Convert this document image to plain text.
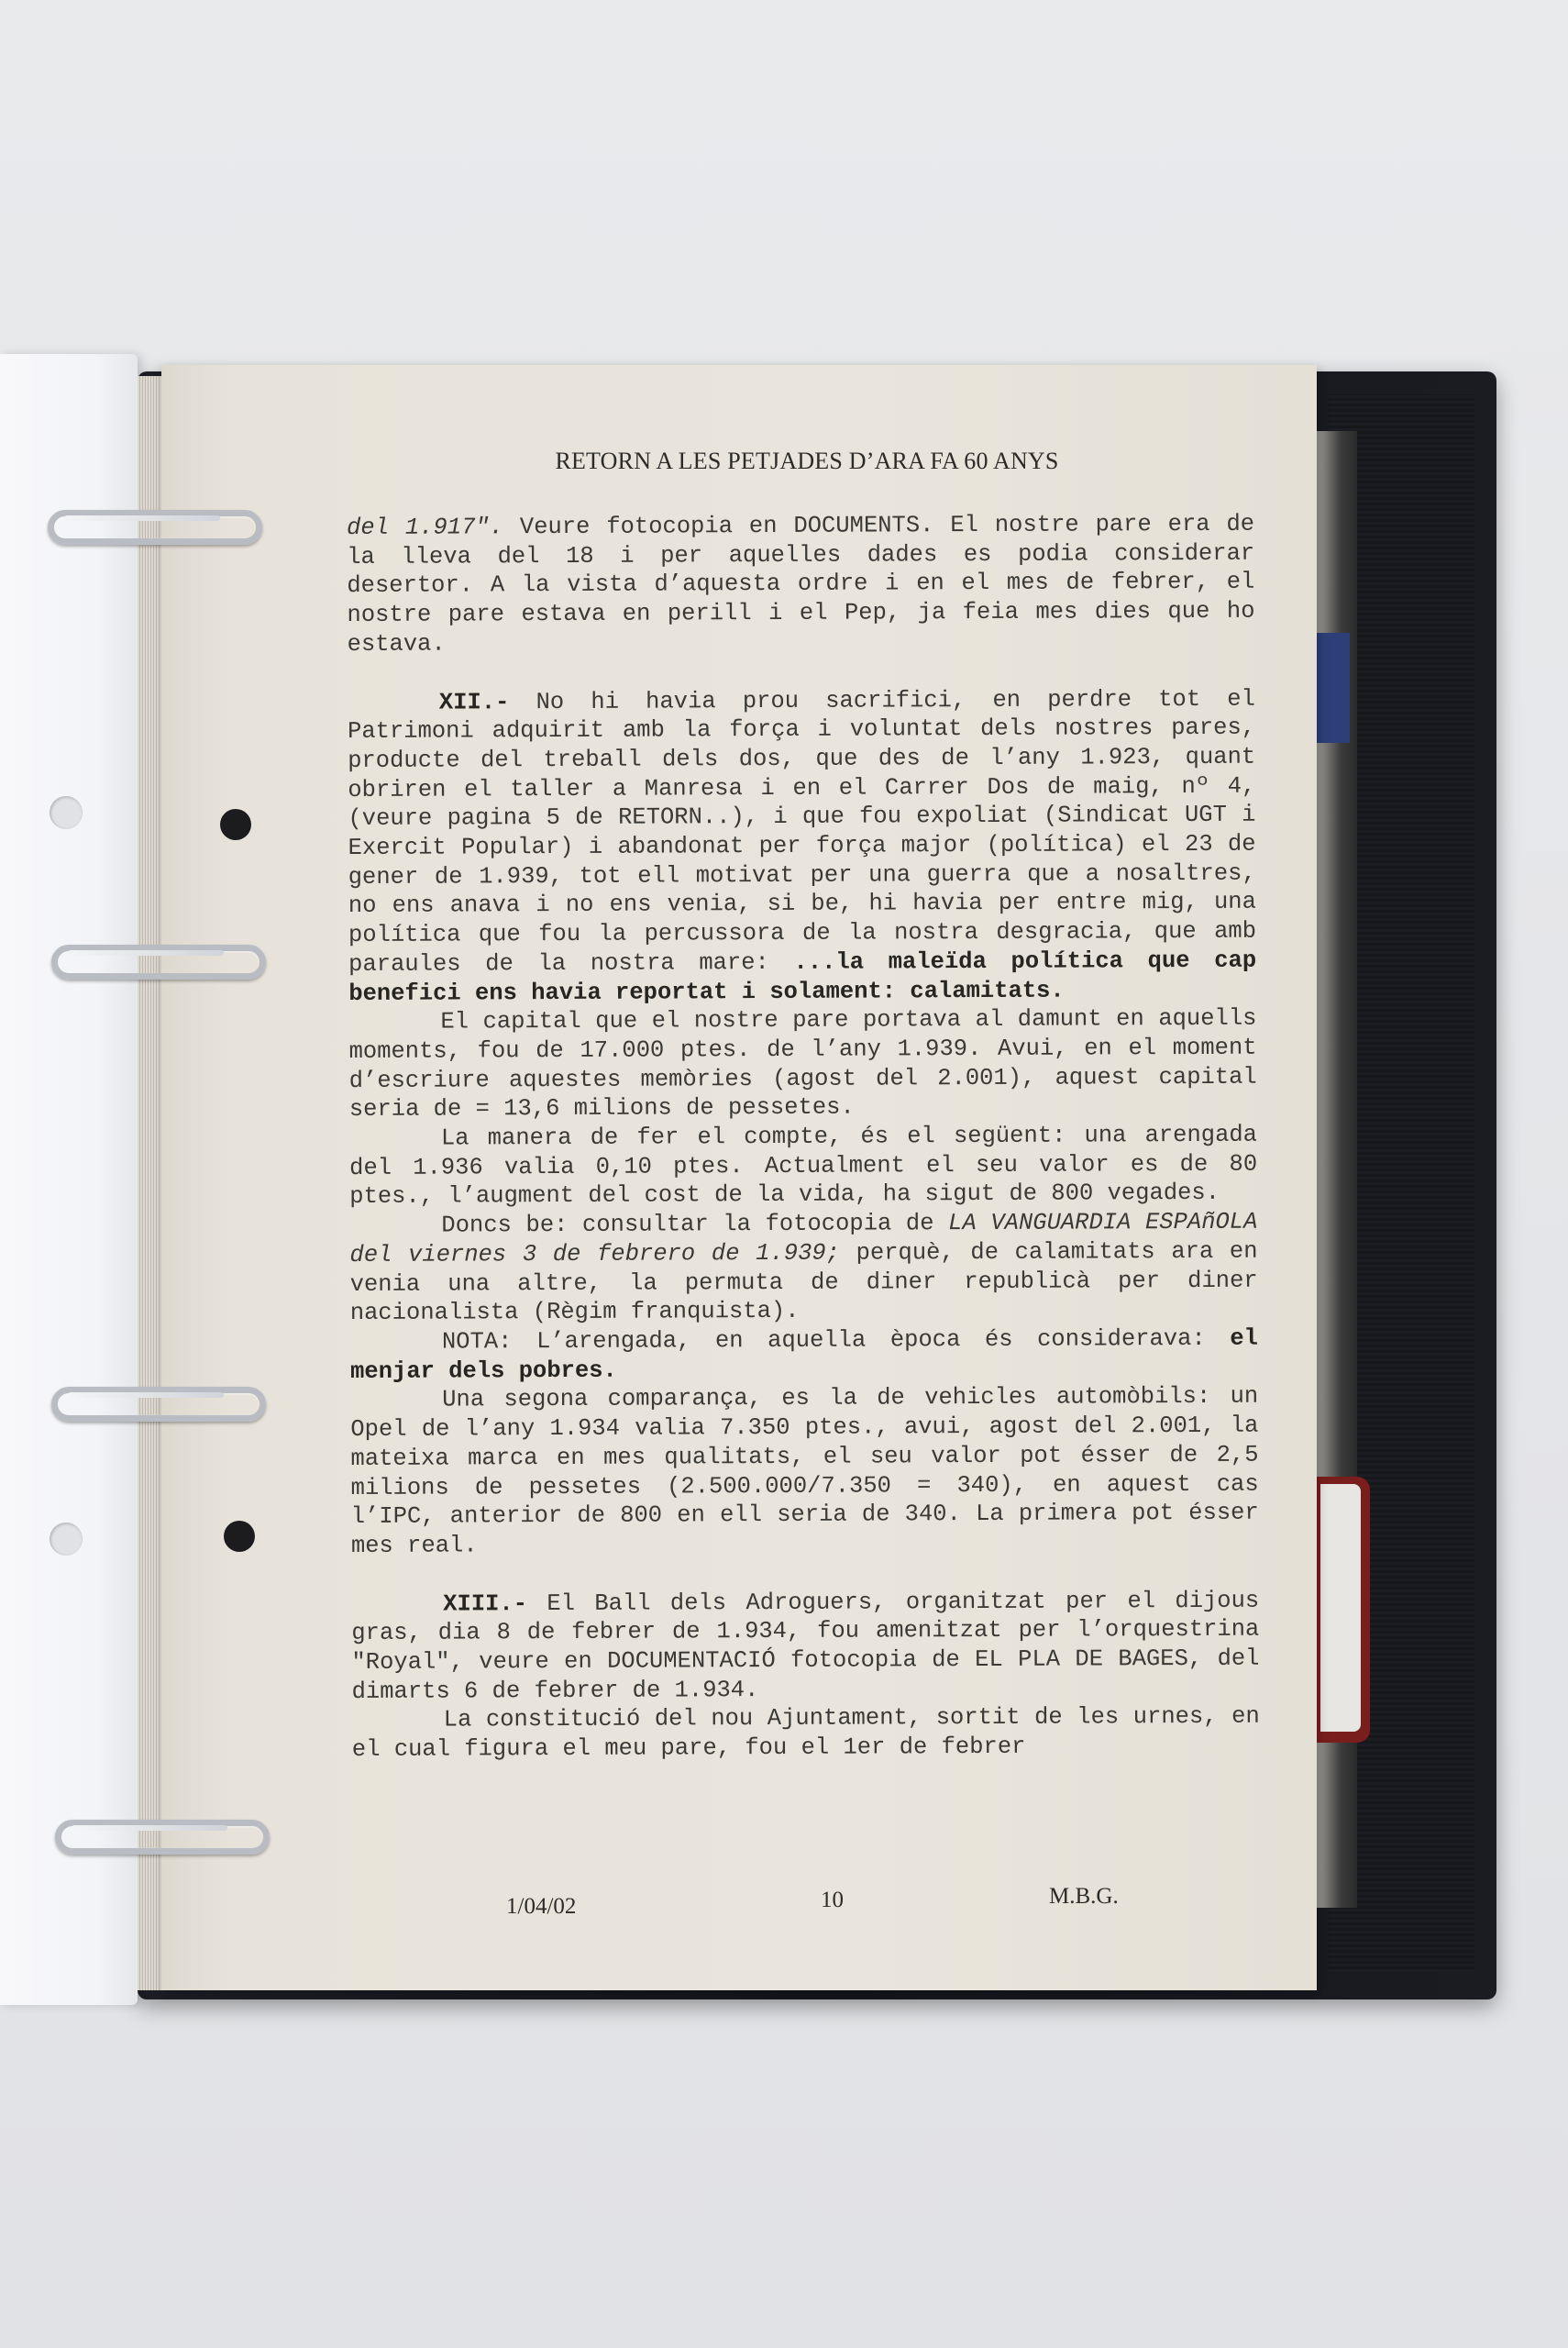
RETORN A LES PETJADES D’ARA FA 60 ANYS

del 1.917". Veure fotocopia en DOCUMENTS. El nostre pare era de la lleva del 18 i per aquelles dades es podia considerar desertor. A la vista d’aquesta ordre i en el mes de febrer, el nostre pare estava en perill i el Pep, ja feia mes dies que ho estava.

XII.- No hi havia prou sacrifici, en perdre tot el Patrimoni adquirit amb la força i voluntat dels nostres pares, producte del treball dels dos, que des de l’any 1.923, quant obriren el taller a Manresa i en el Carrer Dos de maig, nº 4, (veure pagina 5 de RETORN..), i que fou expoliat (Sindicat UGT i Exercit Popular) i abandonat per força major (política) el 23 de gener de 1.939, tot ell motivat per una guerra que a nosaltres, no ens anava i no ens venia, si be, hi havia per entre mig, una política que fou la percussora de la nostra desgracia, que amb paraules de la nostra mare: ...la maleïda política que cap benefici ens havia reportat i solament: calamitats.

El capital que el nostre pare portava al damunt en aquells moments, fou de 17.000 ptes. de l’any 1.939. Avui, en el moment d’escriure aquestes memòries (agost del 2.001), aquest capital seria de = 13,6 milions de pessetes.

La manera de fer el compte, és el següent: una arengada del 1.936 valia 0,10 ptes. Actualment el seu valor es de 80 ptes., l’augment del cost de la vida, ha sigut de 800 vegades.

Doncs be: consultar la fotocopia de LA VANGUARDIA ESPAñOLA del viernes 3 de febrero de 1.939; perquè, de calamitats ara en venia una altre, la permuta de diner republicà per diner nacionalista (Règim franquista).

NOTA: L’arengada, en aquella època és considerava: el menjar dels pobres.

Una segona comparança, es la de vehicles automòbils: un Opel de l’any 1.934 valia 7.350 ptes., avui, agost del 2.001, la mateixa marca en mes qualitats, el seu valor pot ésser de 2,5 milions de pessetes (2.500.000/7.350 = 340), en aquest cas l’IPC, anterior de 800 en ell seria de 340. La primera pot ésser mes real.

XIII.- El Ball dels Adroguers, organitzat per el dijous gras, dia 8 de febrer de 1.934, fou amenitzat per l’orquestrina "Royal", veure en DOCUMENTACIÓ fotocopia de EL PLA DE BAGES, del dimarts 6 de febrer de 1.934.

La constitució del nou Ajuntament, sortit de les urnes, en el cual figura el meu pare, fou el 1er de febrer

1/04/02	10	M.B.G.
